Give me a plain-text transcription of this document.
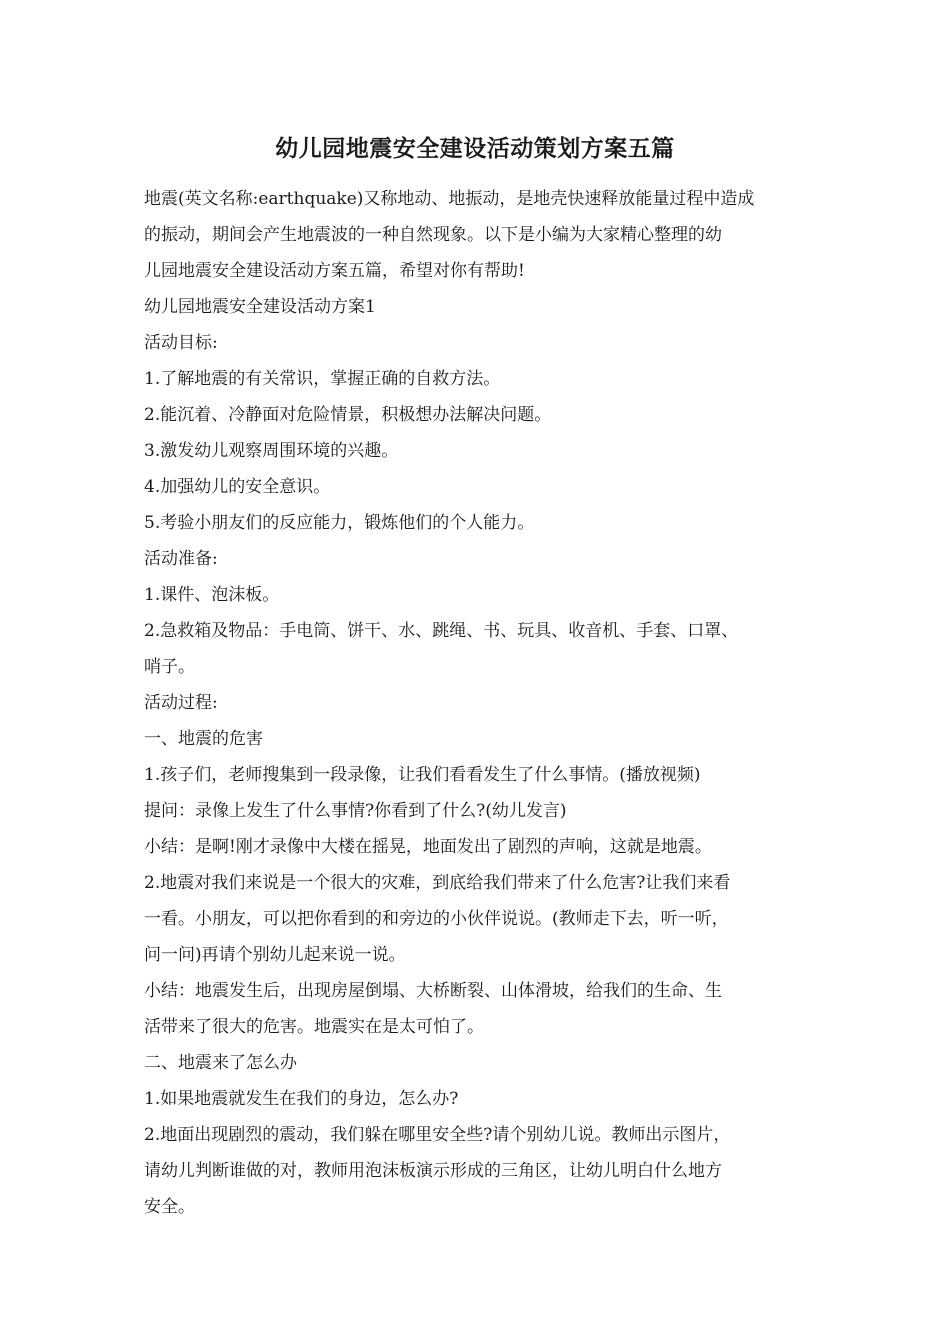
幼儿园地震安全建设活动策划方案五篇
地震(英文名称:earthquake)又称地动、地振动，是地壳快速释放能量过程中造成
的振动，期间会产生地震波的一种自然现象。以下是小编为大家精心整理的幼
儿园地震安全建设活动方案五篇，希望对你有帮助!
幼儿园地震安全建设活动方案1
活动目标:
1.了解地震的有关常识，掌握正确的自救方法。
2.能沉着、冷静面对危险情景，积极想办法解决问题。
3.激发幼儿观察周围环境的兴趣。
4.加强幼儿的安全意识。
5.考验小朋友们的反应能力，锻炼他们的个人能力。
活动准备:
1.课件、泡沫板。
2.急救箱及物品：手电筒、饼干、水、跳绳、书、玩具、收音机、手套、口罩、
哨子。
活动过程:
一、地震的危害
1.孩子们，老师搜集到一段录像，让我们看看发生了什么事情。(播放视频)
提问：录像上发生了什么事情?你看到了什么?(幼儿发言)
小结：是啊!刚才录像中大楼在摇晃，地面发出了剧烈的声响，这就是地震。
2.地震对我们来说是一个很大的灾难，到底给我们带来了什么危害?让我们来看
一看。小朋友，可以把你看到的和旁边的小伙伴说说。(教师走下去，听一听，
问一问)再请个别幼儿起来说一说。
小结：地震发生后，出现房屋倒塌、大桥断裂、山体滑坡，给我们的生命、生
活带来了很大的危害。地震实在是太可怕了。
二、地震来了怎么办
1.如果地震就发生在我们的身边，怎么办?
2.地面出现剧烈的震动，我们躲在哪里安全些?请个别幼儿说。教师出示图片，
请幼儿判断谁做的对，教师用泡沫板演示形成的三角区，让幼儿明白什么地方
安全。
